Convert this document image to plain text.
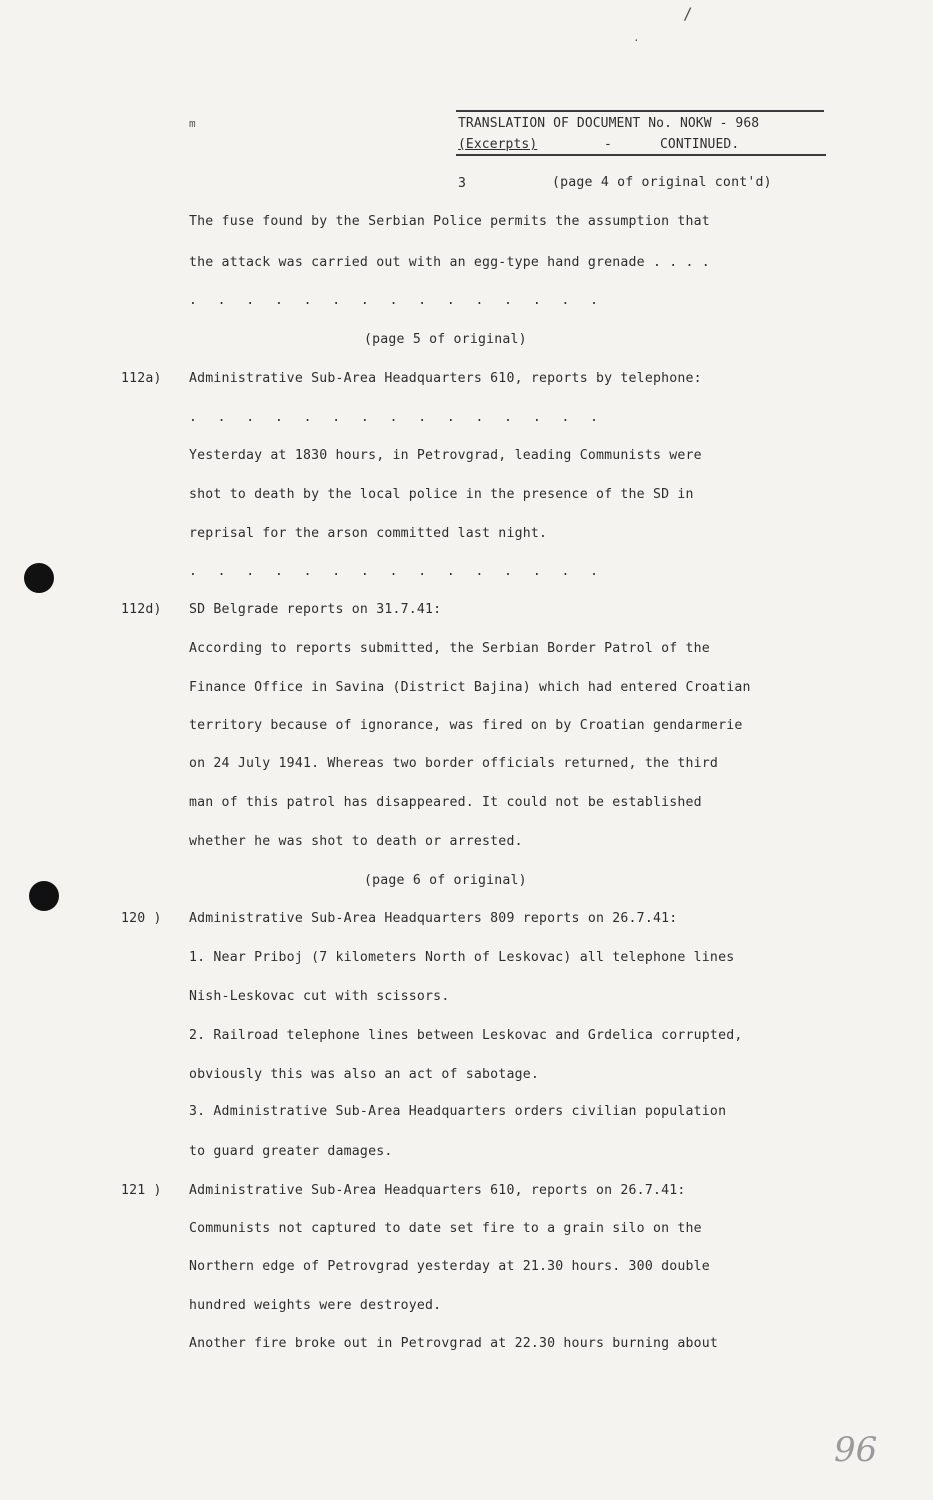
/
·
m	TRANSLATION OF DOCUMENT No. NOKW - 968
(Excerpts)	-	CONTINUED.
3	(page 4 of original cont'd)
The fuse found by the Serbian Police permits the assumption that
the attack was carried out with an egg-type hand grenade . . . .
. . . . . . . . . . . . . . .
(page 5 of original)
112a) Administrative Sub-Area Headquarters 610, reports by telephone:
. . . . . . . . . . . . . . .
Yesterday at 1830 hours, in Petrovgrad, leading Communists were
shot to death by the local police in the presence of the SD in
reprisal for the arson committed last night.
. . . . . . . . . . . . . . .
112d) SD Belgrade reports on 31.7.41:
According to reports submitted, the Serbian Border Patrol of the
Finance Office in Savina (District Bajina) which had entered Croatian
territory because of ignorance, was fired on by Croatian gendarmerie
on 24 July 1941. Whereas two border officials returned, the third
man of this patrol has disappeared. It could not be established
whether he was shot to death or arrested.
(page 6 of original)
120 ) Administrative Sub-Area Headquarters 809 reports on 26.7.41:
1. Near Priboj (7 kilometers North of Leskovac) all telephone lines
Nish-Leskovac cut with scissors.
2. Railroad telephone lines between Leskovac and Grdelica corrupted,
obviously this was also an act of sabotage.
3. Administrative Sub-Area Headquarters orders civilian population
to guard greater damages.
121 ) Administrative Sub-Area Headquarters 610, reports on 26.7.41:
Communists not captured to date set fire to a grain silo on the
Northern edge of Petrovgrad yesterday at 21.30 hours. 300 double
hundred weights were destroyed.
Another fire broke out in Petrovgrad at 22.30 hours burning about
96
